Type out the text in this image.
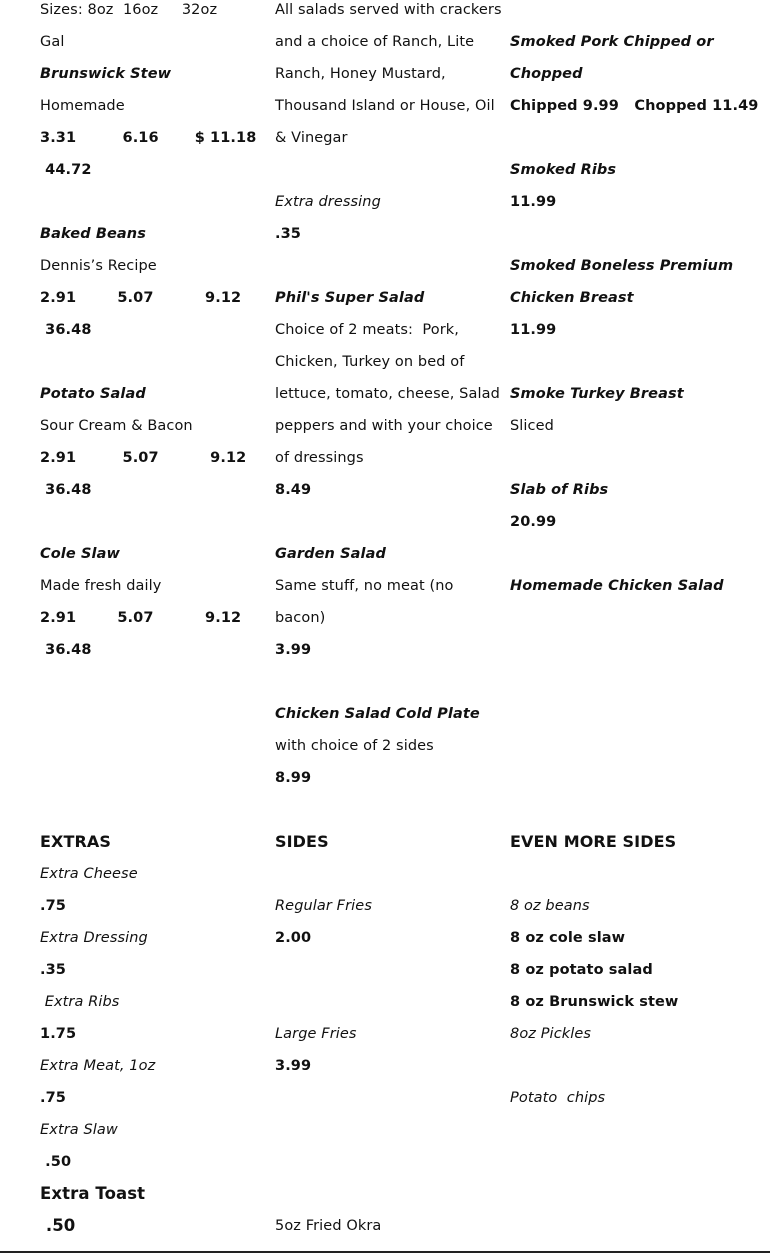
Sizes: 8oz  16oz     32oz
Gal
Brunswick Stew
Homemade
3.31         6.16       $ 11.18
44.72
Baked Beans
Dennis’s Recipe
2.91        5.07          9.12
36.48
Potato Salad
Sour Cream & Bacon
2.91         5.07          9.12
36.48
Cole Slaw
Made fresh daily
2.91        5.07          9.12
36.48
EXTRAS
Extra Cheese
.75
Extra Dressing
.35
Extra Ribs
1.75
Extra Meat, 1oz
.75
Extra Slaw
.50
Extra Toast
.50
All salads served with crackers
and a choice of Ranch, Lite
Ranch, Honey Mustard,
Thousand Island or House, Oil
& Vinegar
Extra dressing
.35
Phil's Super Salad
Choice of 2 meats:  Pork,
Chicken, Turkey on bed of
lettuce, tomato, cheese, Salad
peppers and with your choice
of dressings
8.49
Garden Salad
Same stuff, no meat (no
bacon)
3.99
Chicken Salad Cold Plate
with choice of 2 sides
8.99
SIDES
Regular Fries
2.00
Large Fries
3.99
5oz Fried Okra
Smoked Pork Chipped or
Chopped
Chipped 9.99   Chopped 11.49
Smoked Ribs
11.99
Smoked Boneless Premium
Chicken Breast
11.99
Smoke Turkey Breast
Sliced
Slab of Ribs
20.99
Homemade Chicken Salad
EVEN MORE SIDES
8 oz beans
8 oz cole slaw
8 oz potato salad
8 oz Brunswick stew
8oz Pickles
Potato  chips
